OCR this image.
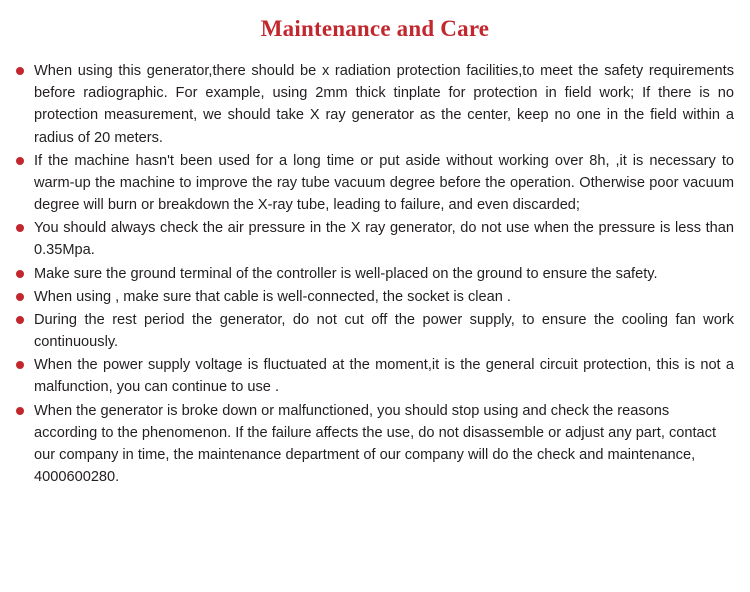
Maintenance and Care
When using this generator,there should be x radiation protection facilities,to meet the safety requirements before radiographic. For example, using 2mm thick tinplate for protection in field work; If there is no protection measurement, we should take X ray generator as the center, keep no one in the field within a radius of 20 meters.
If the machine hasn't been used for a long time or put aside without working over 8h, ,it is necessary to warm-up the machine to improve the ray tube vacuum degree before the operation. Otherwise poor vacuum degree will burn or breakdown the X-ray tube, leading to failure, and even discarded;
You should always check the air pressure in the X ray generator, do not use when the pressure is less than 0.35Mpa.
Make sure the ground terminal of the controller is well-placed on the ground to ensure the safety.
When using , make sure that cable is well-connected, the socket is clean .
During the rest period the generator, do not cut off the power supply, to ensure the cooling fan work continuously.
When the power supply voltage is fluctuated at the moment,it is the general circuit protection, this is not a malfunction, you can continue to use .
When the generator is broke down or malfunctioned, you should stop using and check the reasons according to the phenomenon. If the failure affects the use, do not disassemble or adjust any part, contact our company in time, the maintenance department of our company will do the check and maintenance, 4000600280.
